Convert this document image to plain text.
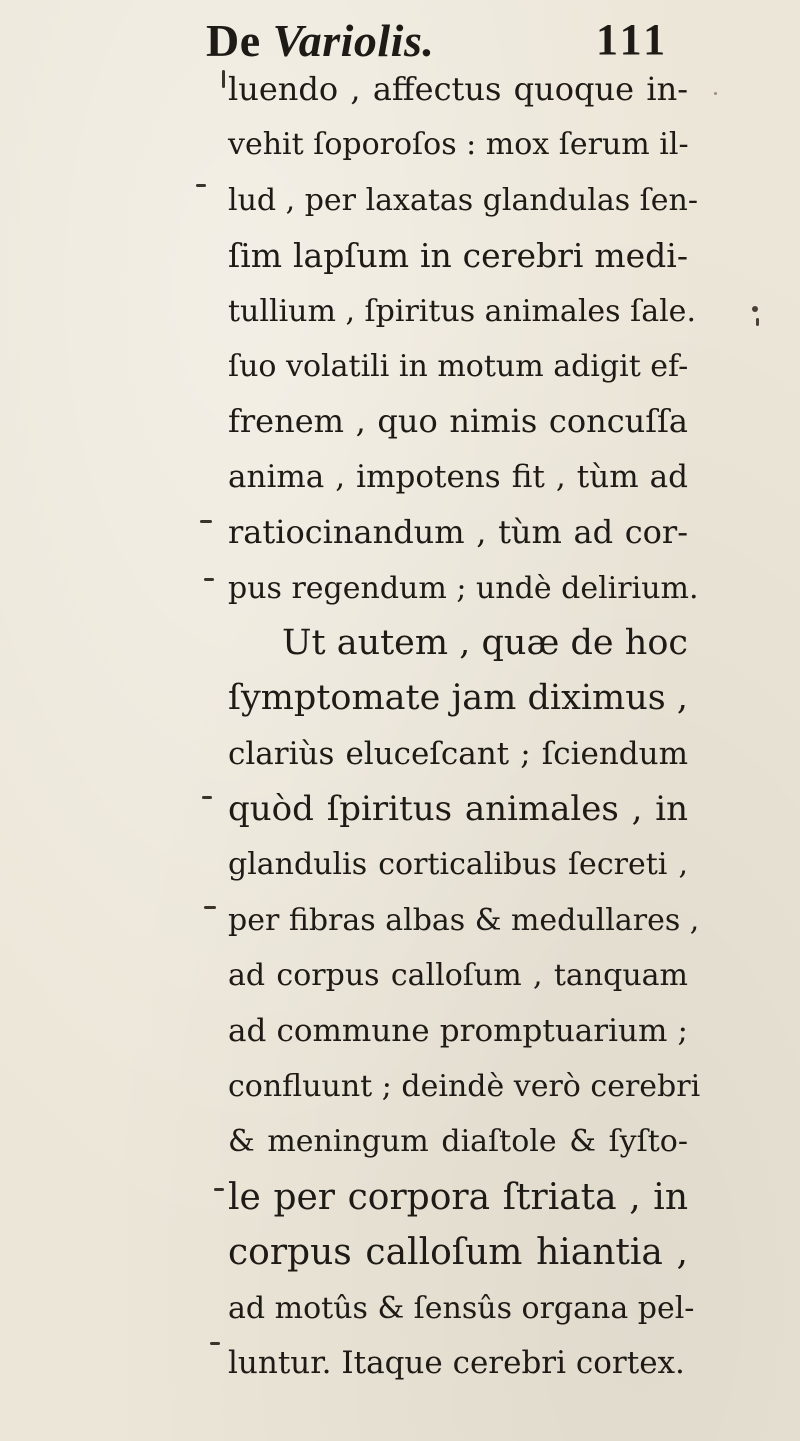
De Variolis.	111
luendo , affectus quoque in-
vehit ſoporoſos : mox ſerum il-
lud , per laxatas glandulas ſen-
ſim lapſum in cerebri medi-
tullium , ſpiritus animales ſale.
ſuo volatili in motum adigit ef-
frenem , quo nimis concuſſa
anima , impotens fit , tùm ad
ratiocinandum , tùm ad cor-
pus regendum ; undè delirium.
Ut autem , quæ de hoc
ſymptomate jam diximus ,
clariùs eluceſcant ; ſciendum
quòd ſpiritus animales , in
glandulis corticalibus ſecreti ,
per fibras albas & medullares ,
ad corpus calloſum , tanquam
ad commune promptuarium ;
confluunt ; deindè verò cerebri
& meningum diaſtole & ſyſto-
le per corpora ſtriata , in
corpus calloſum hiantia ,
ad motûs & ſensûs organa pel-
luntur. Itaque cerebri cortex.
